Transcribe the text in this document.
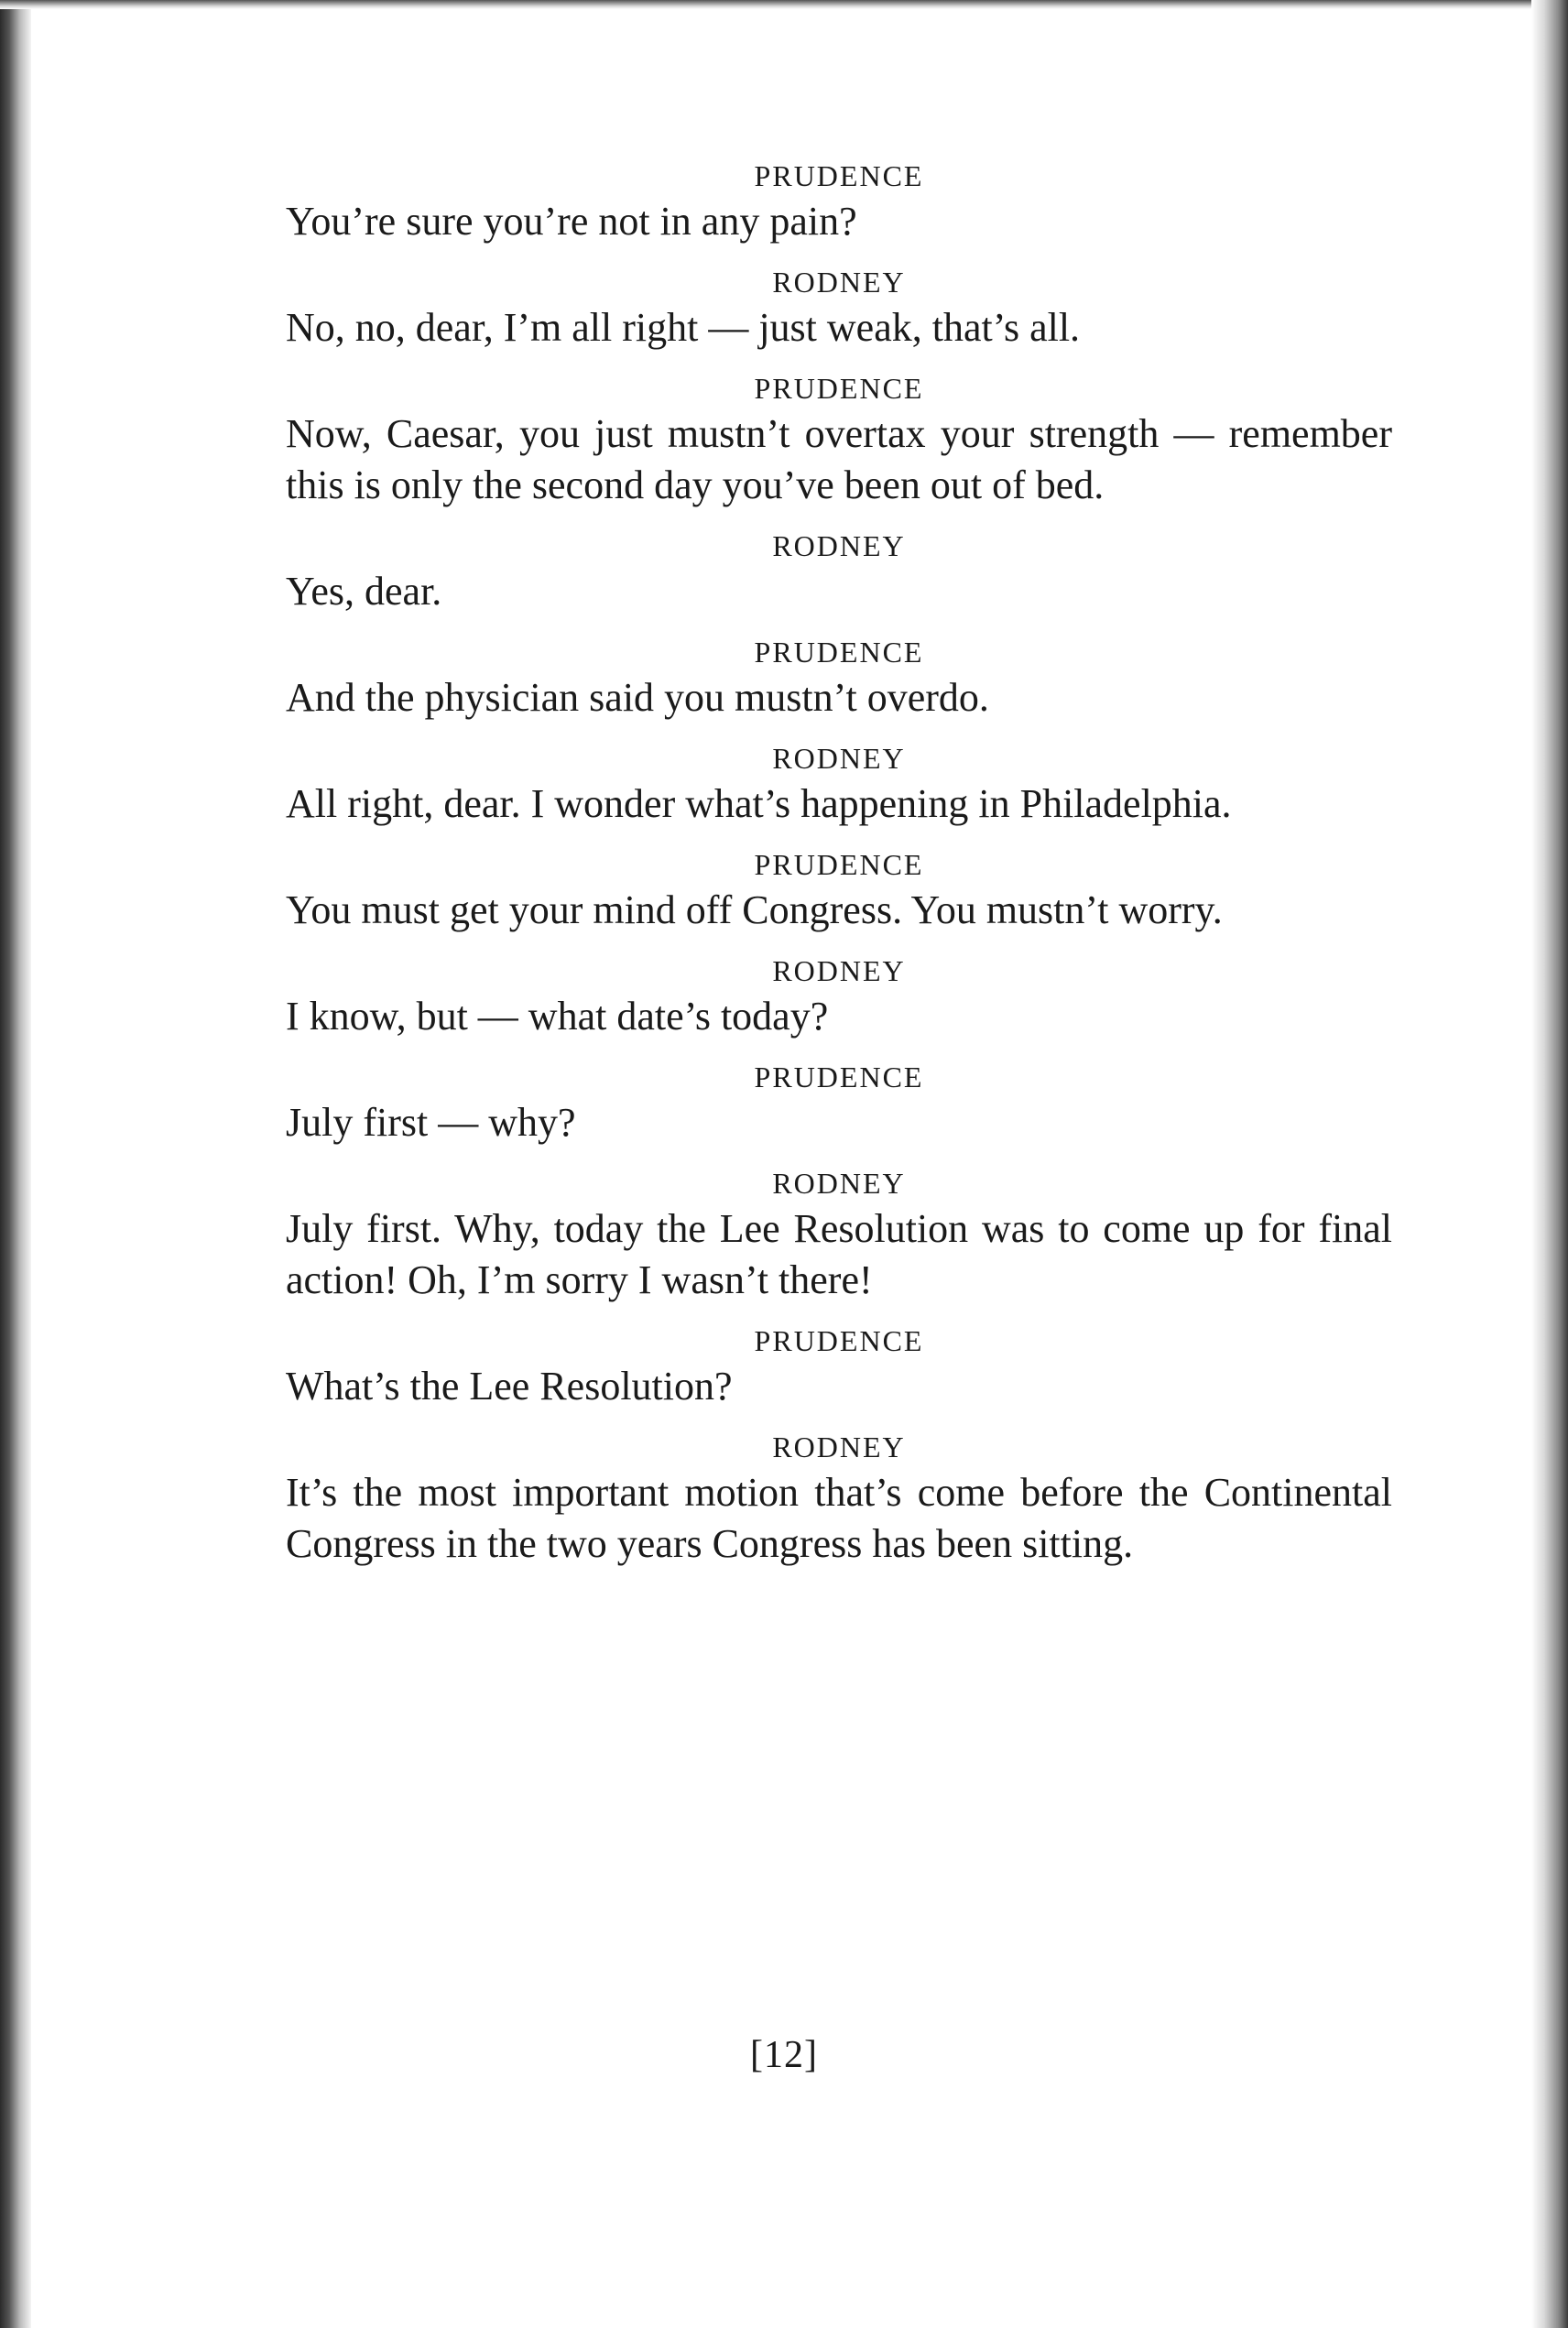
PRUDENCE

You’re sure you’re not in any pain?

RODNEY

No, no, dear, I’m all right — just weak, that’s all.

PRUDENCE

Now, Caesar, you just mustn’t overtax your strength — remember this is only the second day you’ve been out of bed.

RODNEY

Yes, dear.

PRUDENCE

And the physician said you mustn’t overdo.

RODNEY

All right, dear. I wonder what’s happening in Philadelphia.

PRUDENCE

You must get your mind off Congress. You mustn’t worry.

RODNEY

I know, but — what date’s today?

PRUDENCE

July first — why?

RODNEY

July first. Why, today the Lee Resolution was to come up for final action! Oh, I’m sorry I wasn’t there!

PRUDENCE

What’s the Lee Resolution?

RODNEY

It’s the most important motion that’s come before the Continental Congress in the two years Congress has been sitting.

[12]
